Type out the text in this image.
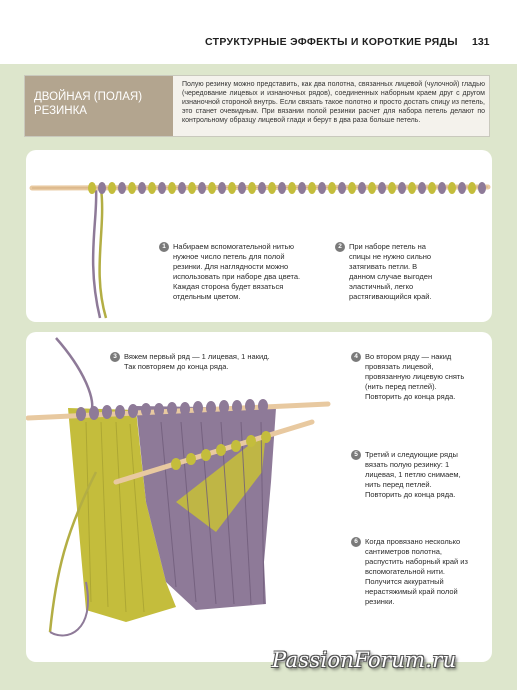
СТРУКТУРНЫЕ ЭФФЕКТЫ И КОРОТКИЕ РЯДЫ 131
ДВОЙНАЯ (ПОЛАЯ)
РЕЗИНКА
Полую резинку можно представить, как два полотна, связанных лицевой (чулочной) гладью (чередование лицевых и изнаночных рядов), соединенных наборным краем друг с другом изнаночной стороной внутрь. Если связать такое полотно и просто достать спицу из петель, это станет очевидным. При вязании полой резинки расчет для набора петель делают по контрольному образцу лицевой глади и берут в два раза больше петель.
1 Набираем вспомогательной нитью нужное число петель для полой резинки. Для наглядности можно использовать при наборе два цвета. Каждая сторона будет вязаться отдельным цветом.
2 При наборе петель на спицы не нужно сильно затягивать петли. В данном случае выгоден эластичный, легко растягивающийся край.
3 Вяжем первый ряд — 1 лицевая, 1 накид. Так повторяем до конца ряда.
4 Во втором ряду — накид провязать лицевой, провязанную лицевую снять (нить перед петлей). Повторить до конца ряда.
5 Третий и следующие ряды вязать полую резинку: 1 лицевая, 1 петлю снимаем, нить перед петлей. Повторить до конца ряда.
6 Когда провязано несколько сантиметров полотна, распустить наборный край из вспомогательной нити. Получится аккуратный нерастяжимый край полой резинки.
PassionForum.ru
